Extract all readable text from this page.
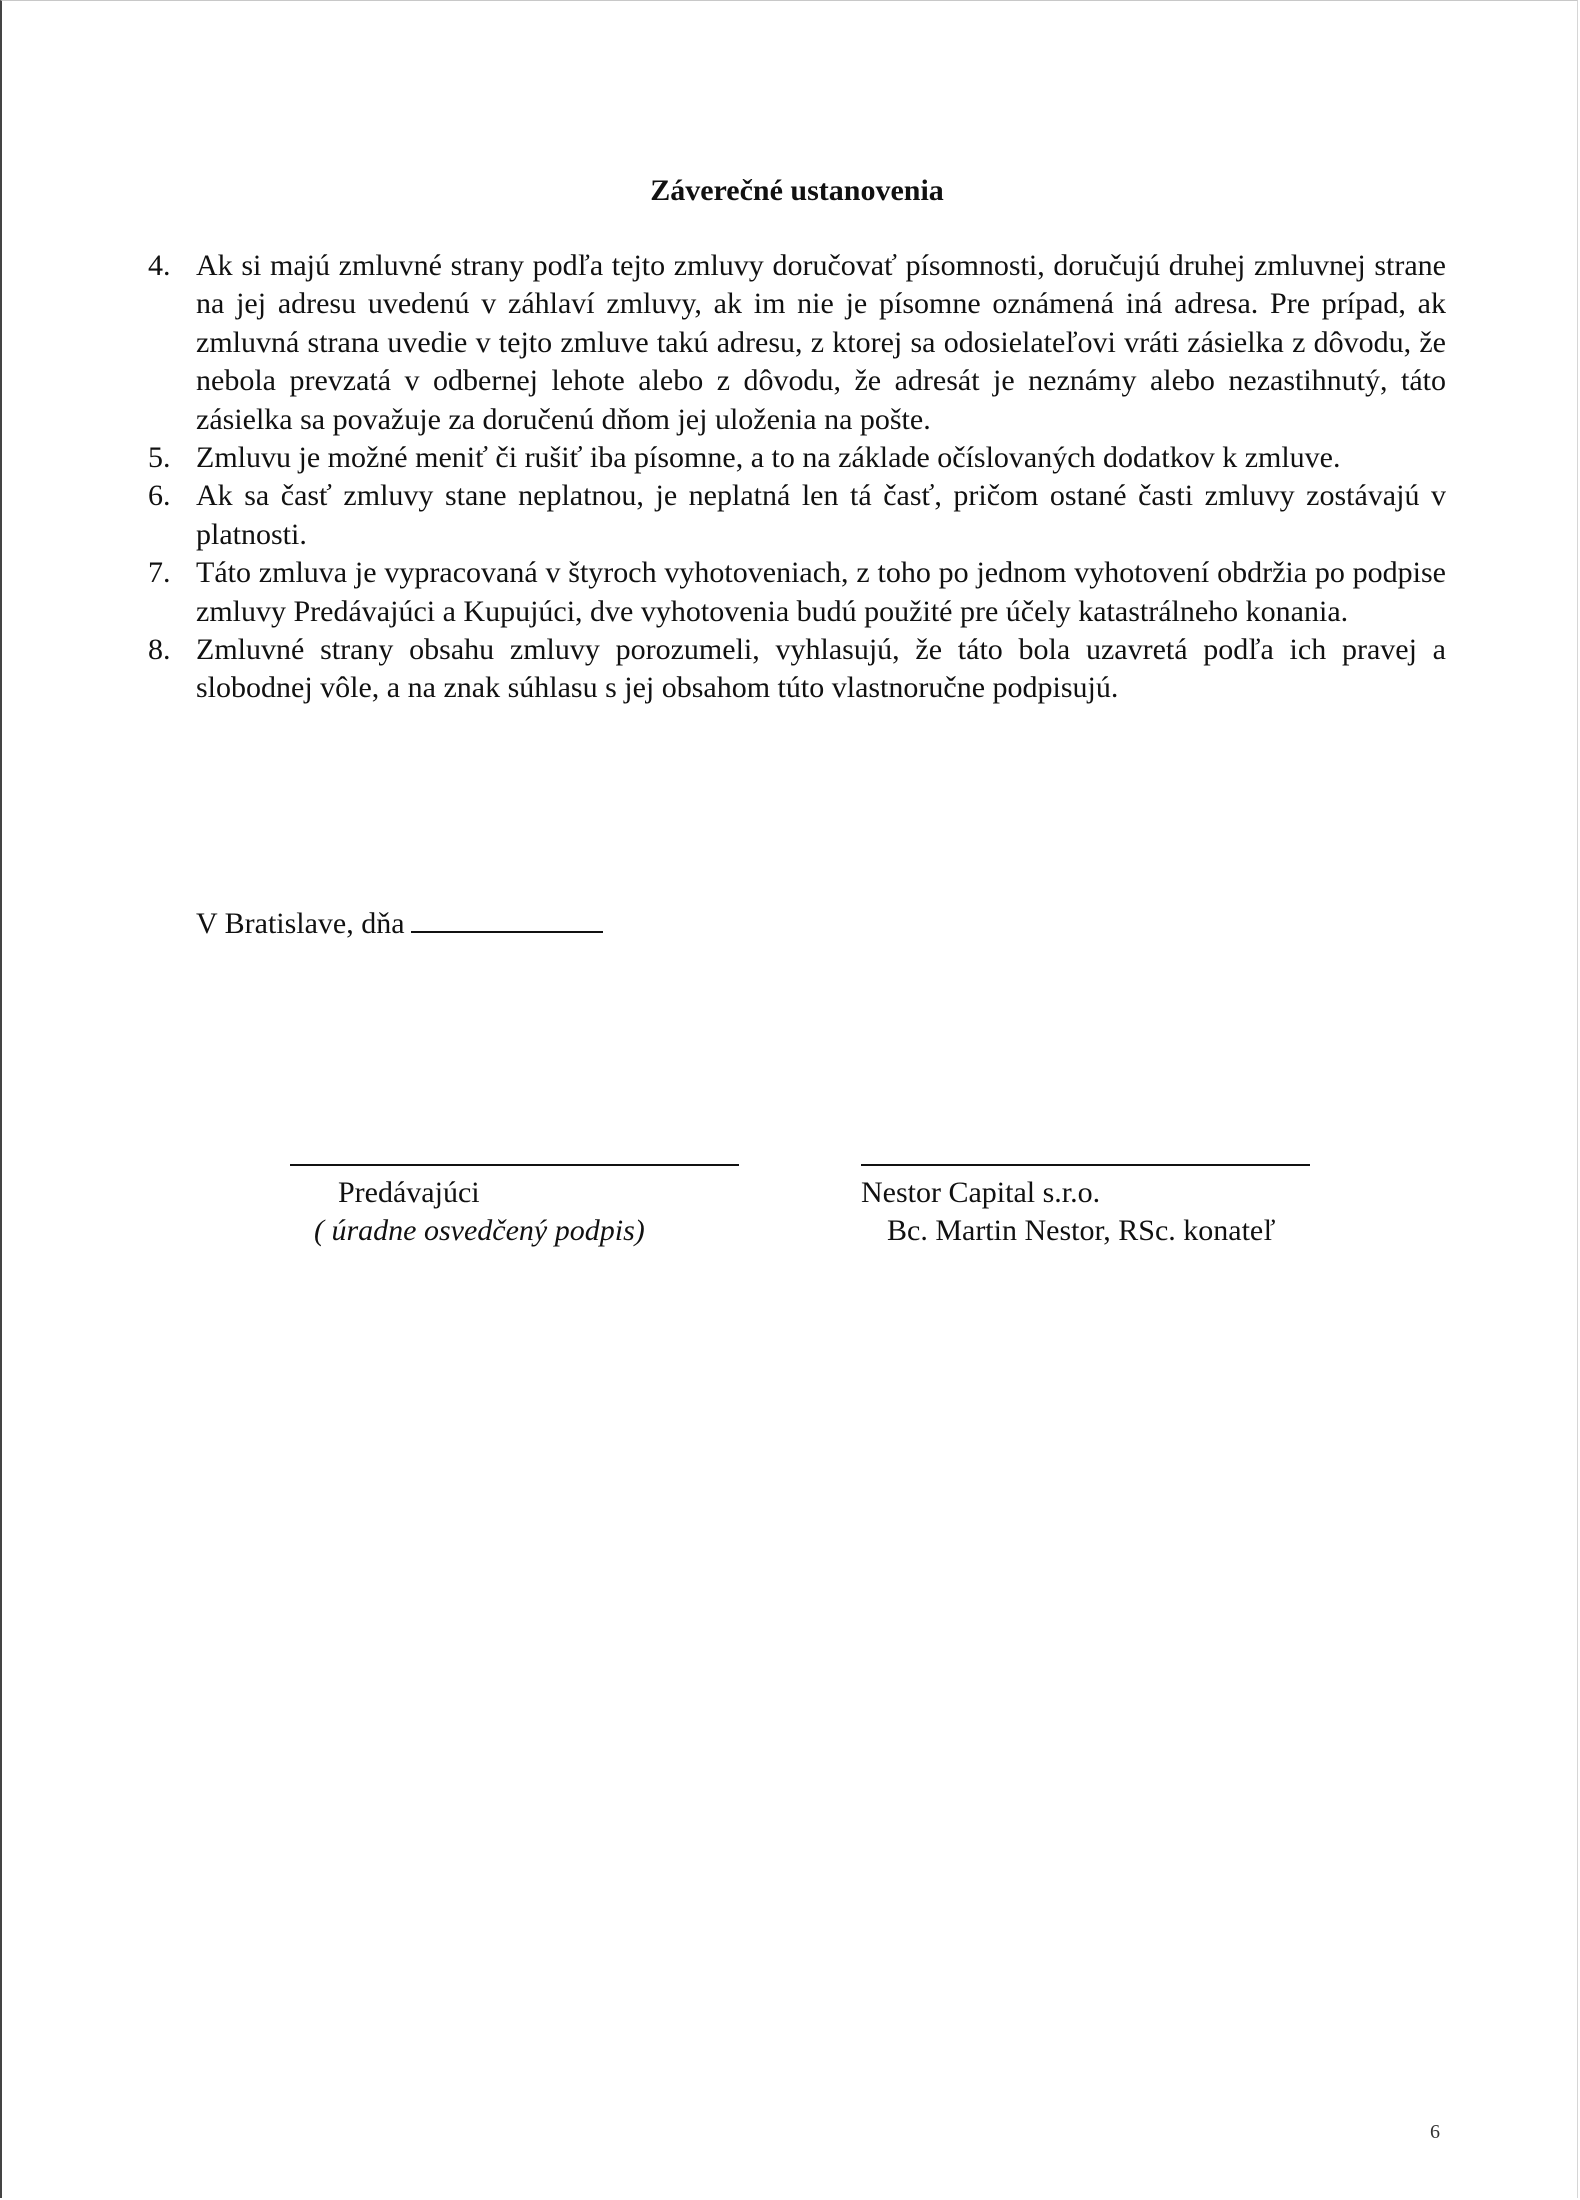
Záverečné ustanovenia
4. Ak si majú zmluvné strany podľa tejto zmluvy doručovať písomnosti, doručujú druhej zmluvnej strane na jej adresu uvedenú v záhlaví zmluvy, ak im nie je písomne oznámená iná adresa. Pre prípad, ak zmluvná strana uvedie v tejto zmluve takú adresu, z ktorej sa odosielateľovi vráti zásielka z dôvodu, že nebola prevzatá v odbernej lehote alebo z dôvodu, že adresát je neznámy alebo nezastihnutý, táto zásielka sa považuje za doručenú dňom jej uloženia na pošte.
5. Zmluvu je možné meniť či rušiť iba písomne, a to na základe očíslovaných dodatkov k zmluve.
6. Ak sa časť zmluvy stane neplatnou, je neplatná len tá časť, pričom ostané časti zmluvy zostávajú v platnosti.
7. Táto zmluva je vypracovaná v štyroch vyhotoveniach, z toho po jednom vyhotovení obdržia po podpise zmluvy Predávajúci a Kupujúci, dve vyhotovenia budú použité pre účely katastrálneho konania.
8. Zmluvné strany obsahu zmluvy porozumeli, vyhlasujú, že táto bola uzavretá podľa ich pravej a slobodnej vôle, a na znak súhlasu s jej obsahom túto vlastnoručne podpisujú.
V Bratislave, dňa
Predávajúci
( úradne osvedčený podpis)
Nestor Capital s.r.o.
Bc. Martin Nestor, RSc. konateľ
6
